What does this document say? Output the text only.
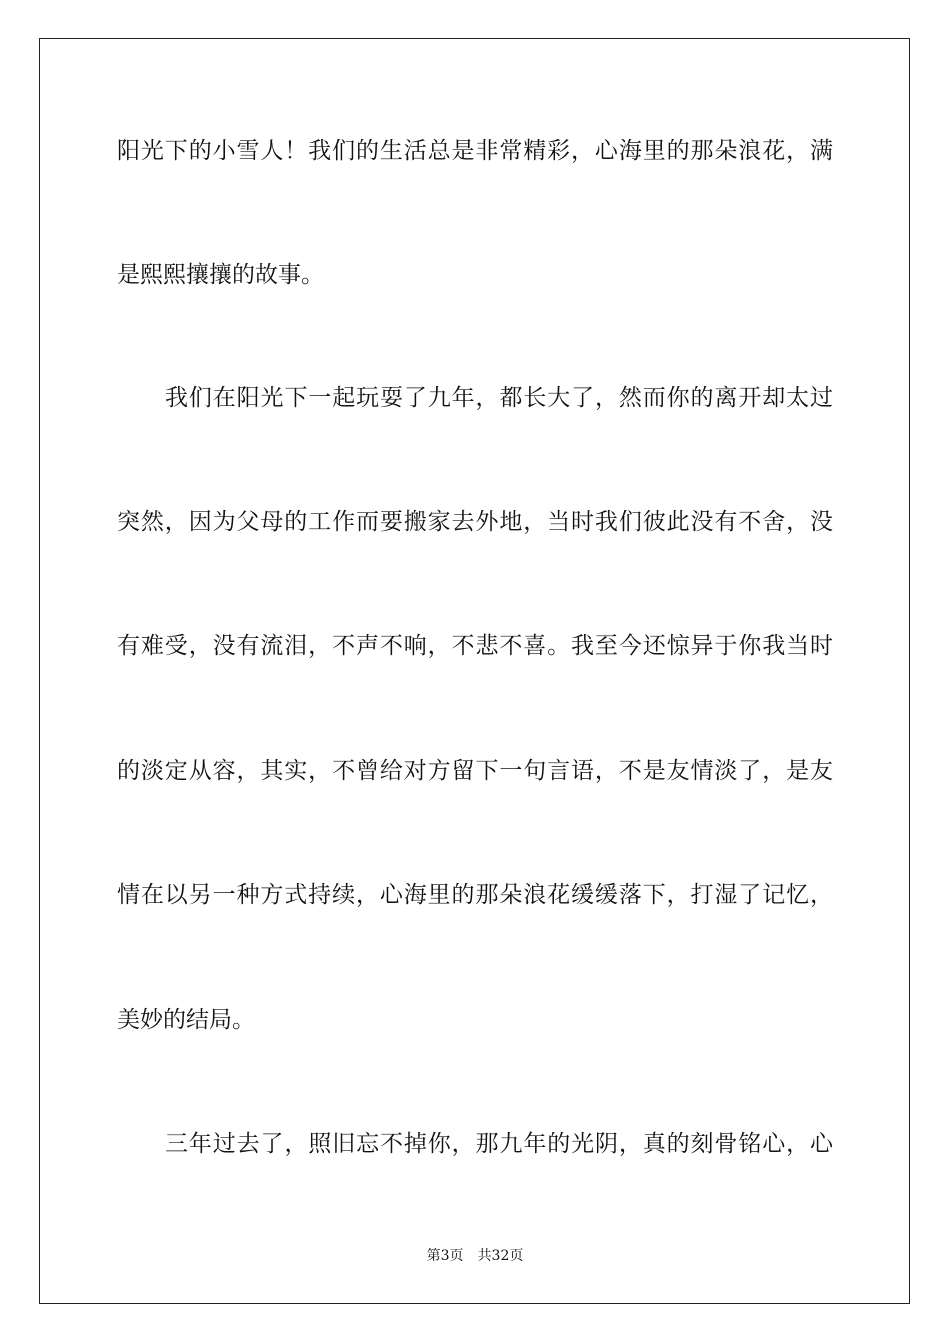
阳光下的小雪人！我们的生活总是非常精彩，心海里的那朵浪花，满

是熙熙攘攘的故事。

我们在阳光下一起玩耍了九年，都长大了，然而你的离开却太过

突然，因为父母的工作而要搬家去外地，当时我们彼此没有不舍，没

有难受，没有流泪，不声不响，不悲不喜。我至今还惊异于你我当时

的淡定从容，其实，不曾给对方留下一句言语，不是友情淡了，是友

情在以另一种方式持续，心海里的那朵浪花缓缓落下，打湿了记忆，

美妙的结局。

三年过去了，照旧忘不掉你，那九年的光阴，真的刻骨铭心，心

第3页 共32页
